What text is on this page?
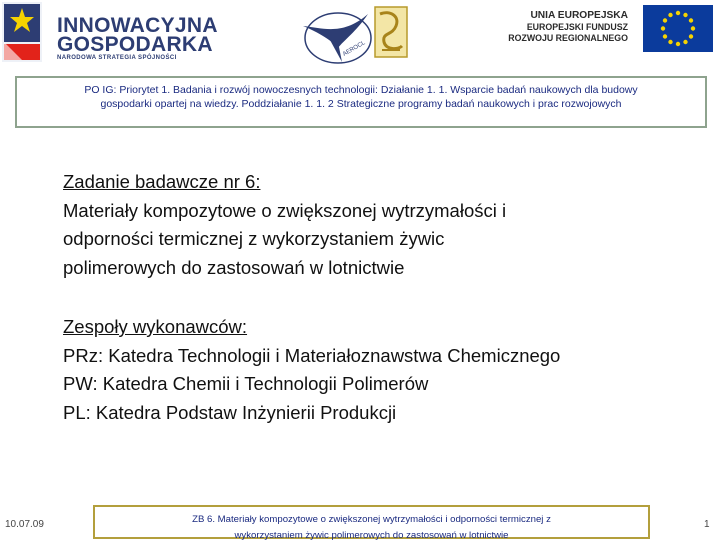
INNOWACYJNA
GOSPODARKA
NARODOWA STRATEGIA SPÓJNOŚCI
AEROCL
UNIA EUROPEJSKA
EUROPEJSKI FUNDUSZ
ROZWOJU REGIONALNEGO

PO IG: Priorytet 1. Badania i rozwój nowoczesnych technologii: Działanie 1. 1. Wsparcie badań naukowych dla budowy
gospodarki opartej na wiedzy. Poddziałanie 1. 1. 2 Strategiczne programy badań naukowych i prac rozwojowych

Zadanie badawcze nr 6:
Materiały kompozytowe o zwiększonej wytrzymałości i
odporności termicznej z wykorzystaniem żywic
polimerowych do zastosowań w lotnictwie
Zespoły wykonawców:
PRz: Katedra Technologii i Materiałoznawstwa Chemicznego
PW: Katedra Chemii i Technologii Polimerów
PL: Katedra Podstaw Inżynierii Produkcji
10.07.09	ZB 6. Materiały kompozytowe o zwiększonej wytrzymałości i odporności termicznej z
wykorzystaniem żywic polimerowych do zastosowań w lotnictwie
1
